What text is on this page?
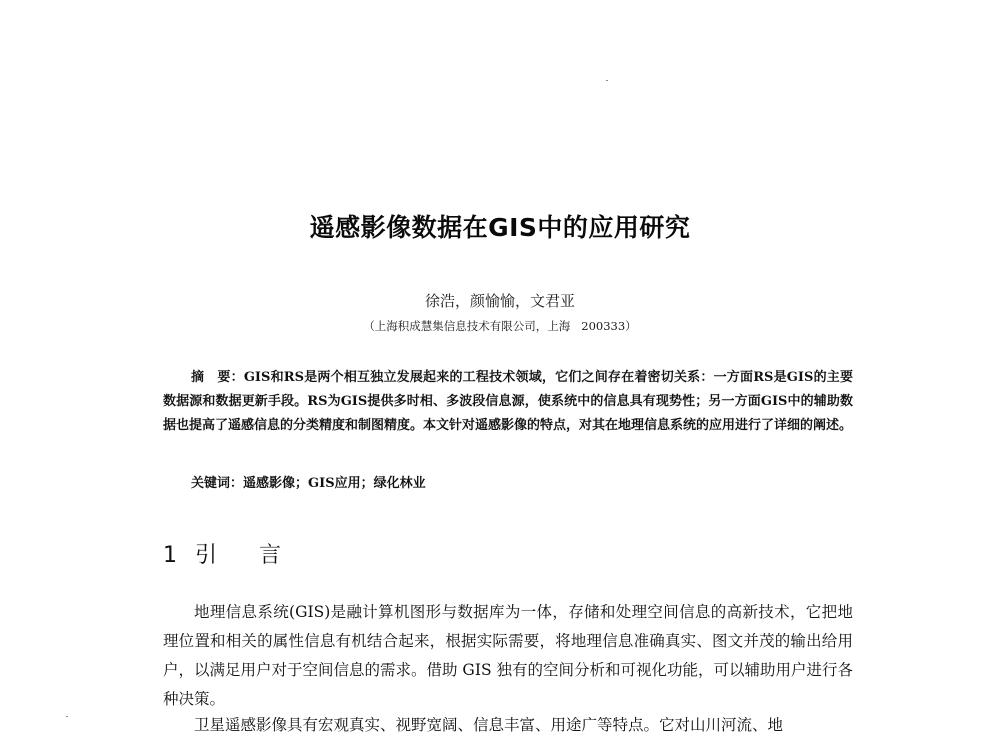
遥感影像数据在GIS中的应用研究
徐浩，颜愉愉，文君亚
（上海积成慧集信息技术有限公司，上海   200333）
摘　要：GIS和RS是两个相互独立发展起来的工程技术领域，它们之间存在着密切关系：一方面RS是GIS的主要数据源和数据更新手段。RS为GIS提供多时相、多波段信息源，使系统中的信息具有现势性；另一方面GIS中的辅助数据也提高了遥感信息的分类精度和制图精度。本文针对遥感影像的特点，对其在地理信息系统的应用进行了详细的阐述。
关键词：遥感影像；GIS应用；绿化林业
1 引 言
地理信息系统(GIS)是融计算机图形与数据库为一体，存储和处理空间信息的高新技术，它把地理位置和相关的属性信息有机结合起来，根据实际需要，将地理信息准确真实、图文并茂的输出给用户，以满足用户对于空间信息的需求。借助 GIS 独有的空间分析和可视化功能，可以辅助用户进行各种决策。
卫星遥感影像具有宏观真实、视野宽阔、信息丰富、用途广等特点。它对山川河流、地
